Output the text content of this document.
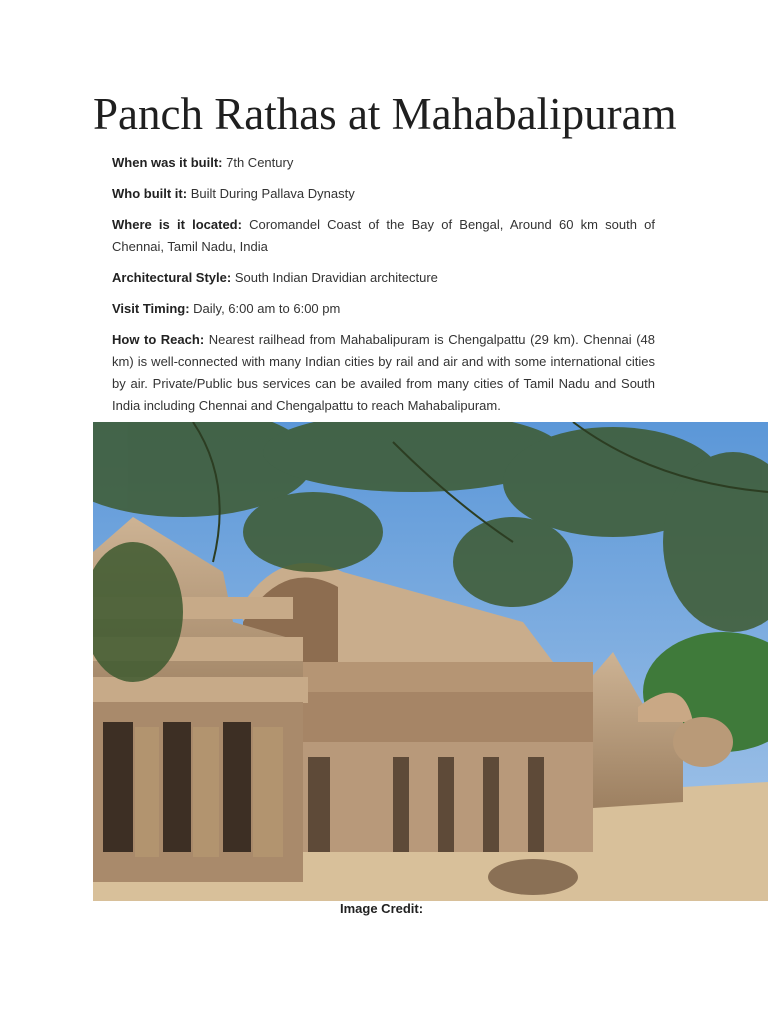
Panch Rathas at Mahabalipuram

When was it built: 7th Century

Who built it: Built During Pallava Dynasty

Where is it located: Coromandel Coast of the Bay of Bengal, Around 60 km south of Chennai, Tamil Nadu, India

Architectural Style: South Indian Dravidian architecture

Visit Timing: Daily, 6:00 am to 6:00 pm

How to Reach: Nearest railhead from Mahabalipuram is Chengalpattu (29 km). Chennai (48 km) is well-connected with many Indian cities by rail and air and with some international cities by air. Private/Public bus services can be availed from many cities of Tamil Nadu and South India including Chennai and Chengalpattu to reach Mahabalipuram.

Image Credit:
